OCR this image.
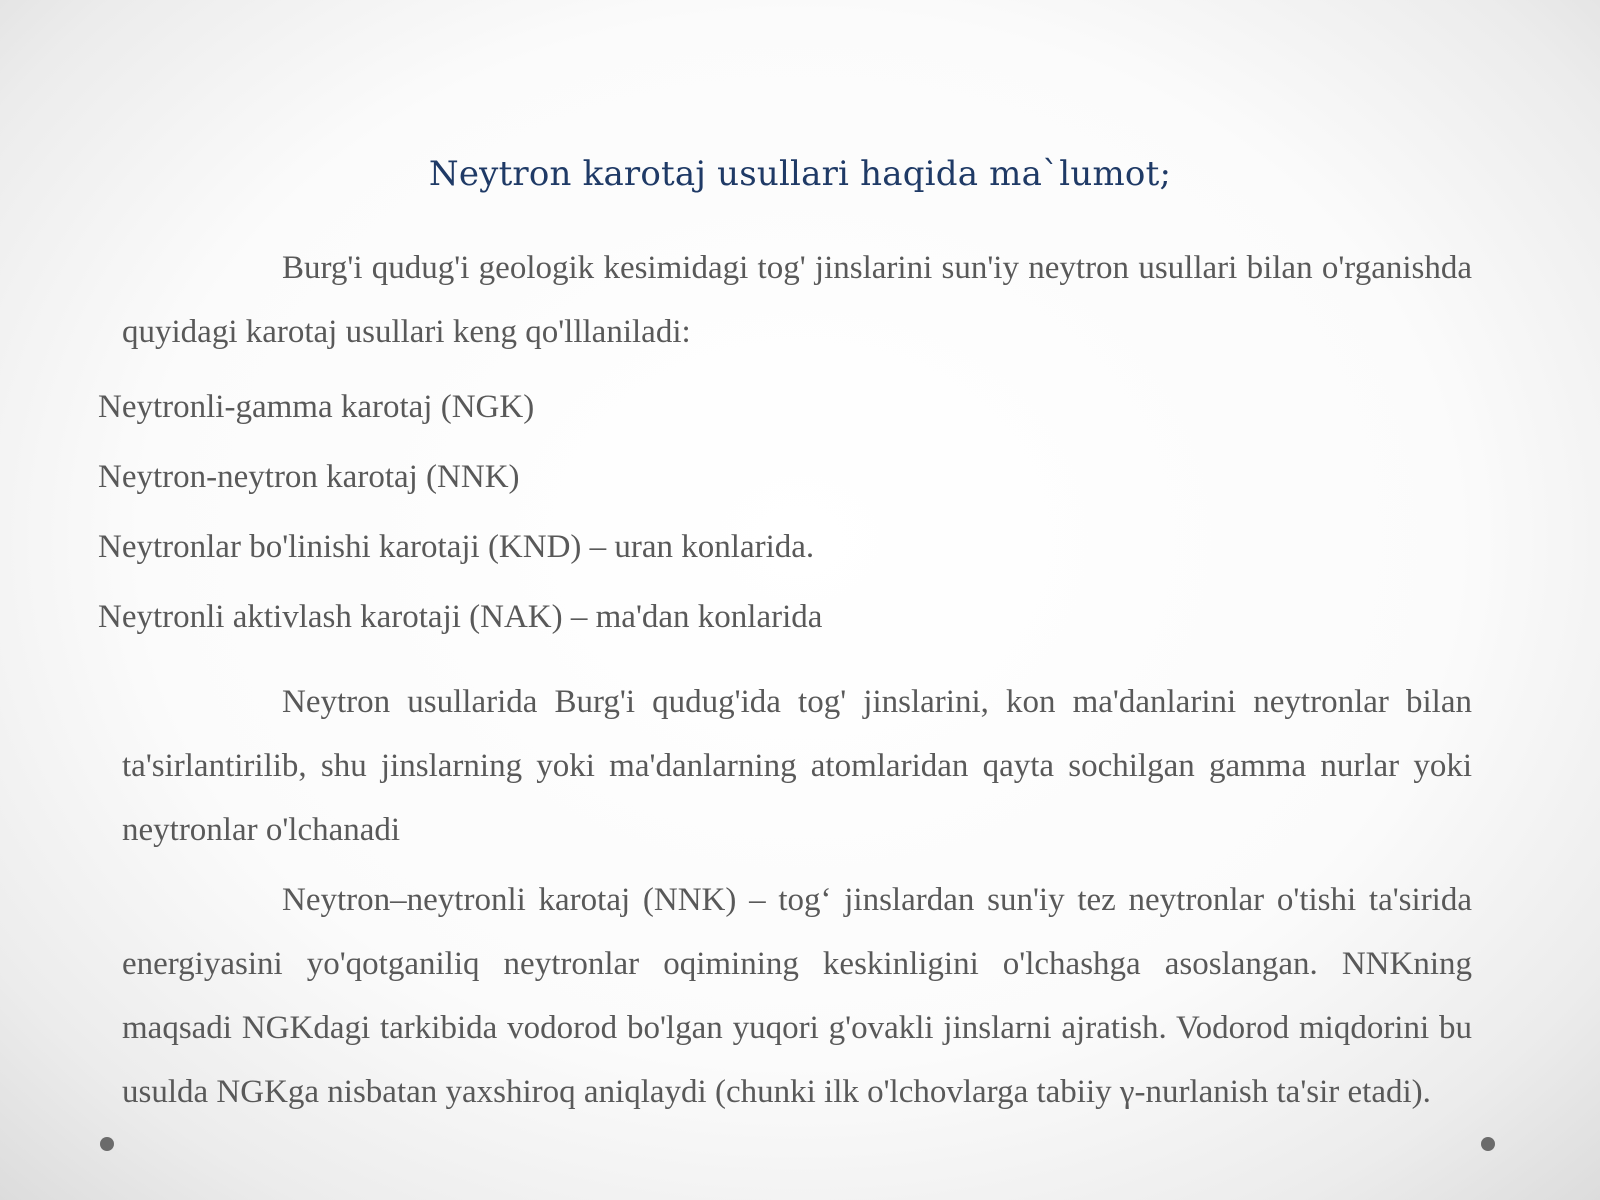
Neytron karotaj usullari haqida ma`lumot;

Burg'i qudug'i geologik kesimidagi tog' jinslarini sun'iy neytron usullari bilan o'rganishda quyidagi karotaj usullari keng qo'lllaniladi:

Neytronli-gamma karotaj (NGK)
Neytron-neytron karotaj (NNK)
Neytronlar bo'linishi karotaji (KND) – uran konlarida.
Neytronli aktivlash karotaji (NAK) – ma'dan konlarida

Neytron usullarida Burg'i qudug'ida tog' jinslarini, kon ma'danlarini neytronlar bilan ta'sirlantirilib, shu jinslarning yoki ma'danlarning atomlaridan qayta sochilgan gamma nurlar yoki neytronlar o'lchanadi

Neytron–neytronli karotaj (NNK) – tog‘ jinslardan sun'iy tez neytronlar o'tishi ta'sirida energiyasini yo'qotganiliq neytronlar oqimining keskinligini o'lchashga asoslangan. NNKning maqsadi NGKdagi tarkibida vodorod bo'lgan yuqori g'ovakli jinslarni ajratish. Vodorod miqdorini bu usulda NGKga nisbatan yaxshiroq aniqlaydi (chunki ilk o'lchovlarga tabiiy γ-nurlanish ta'sir etadi).
